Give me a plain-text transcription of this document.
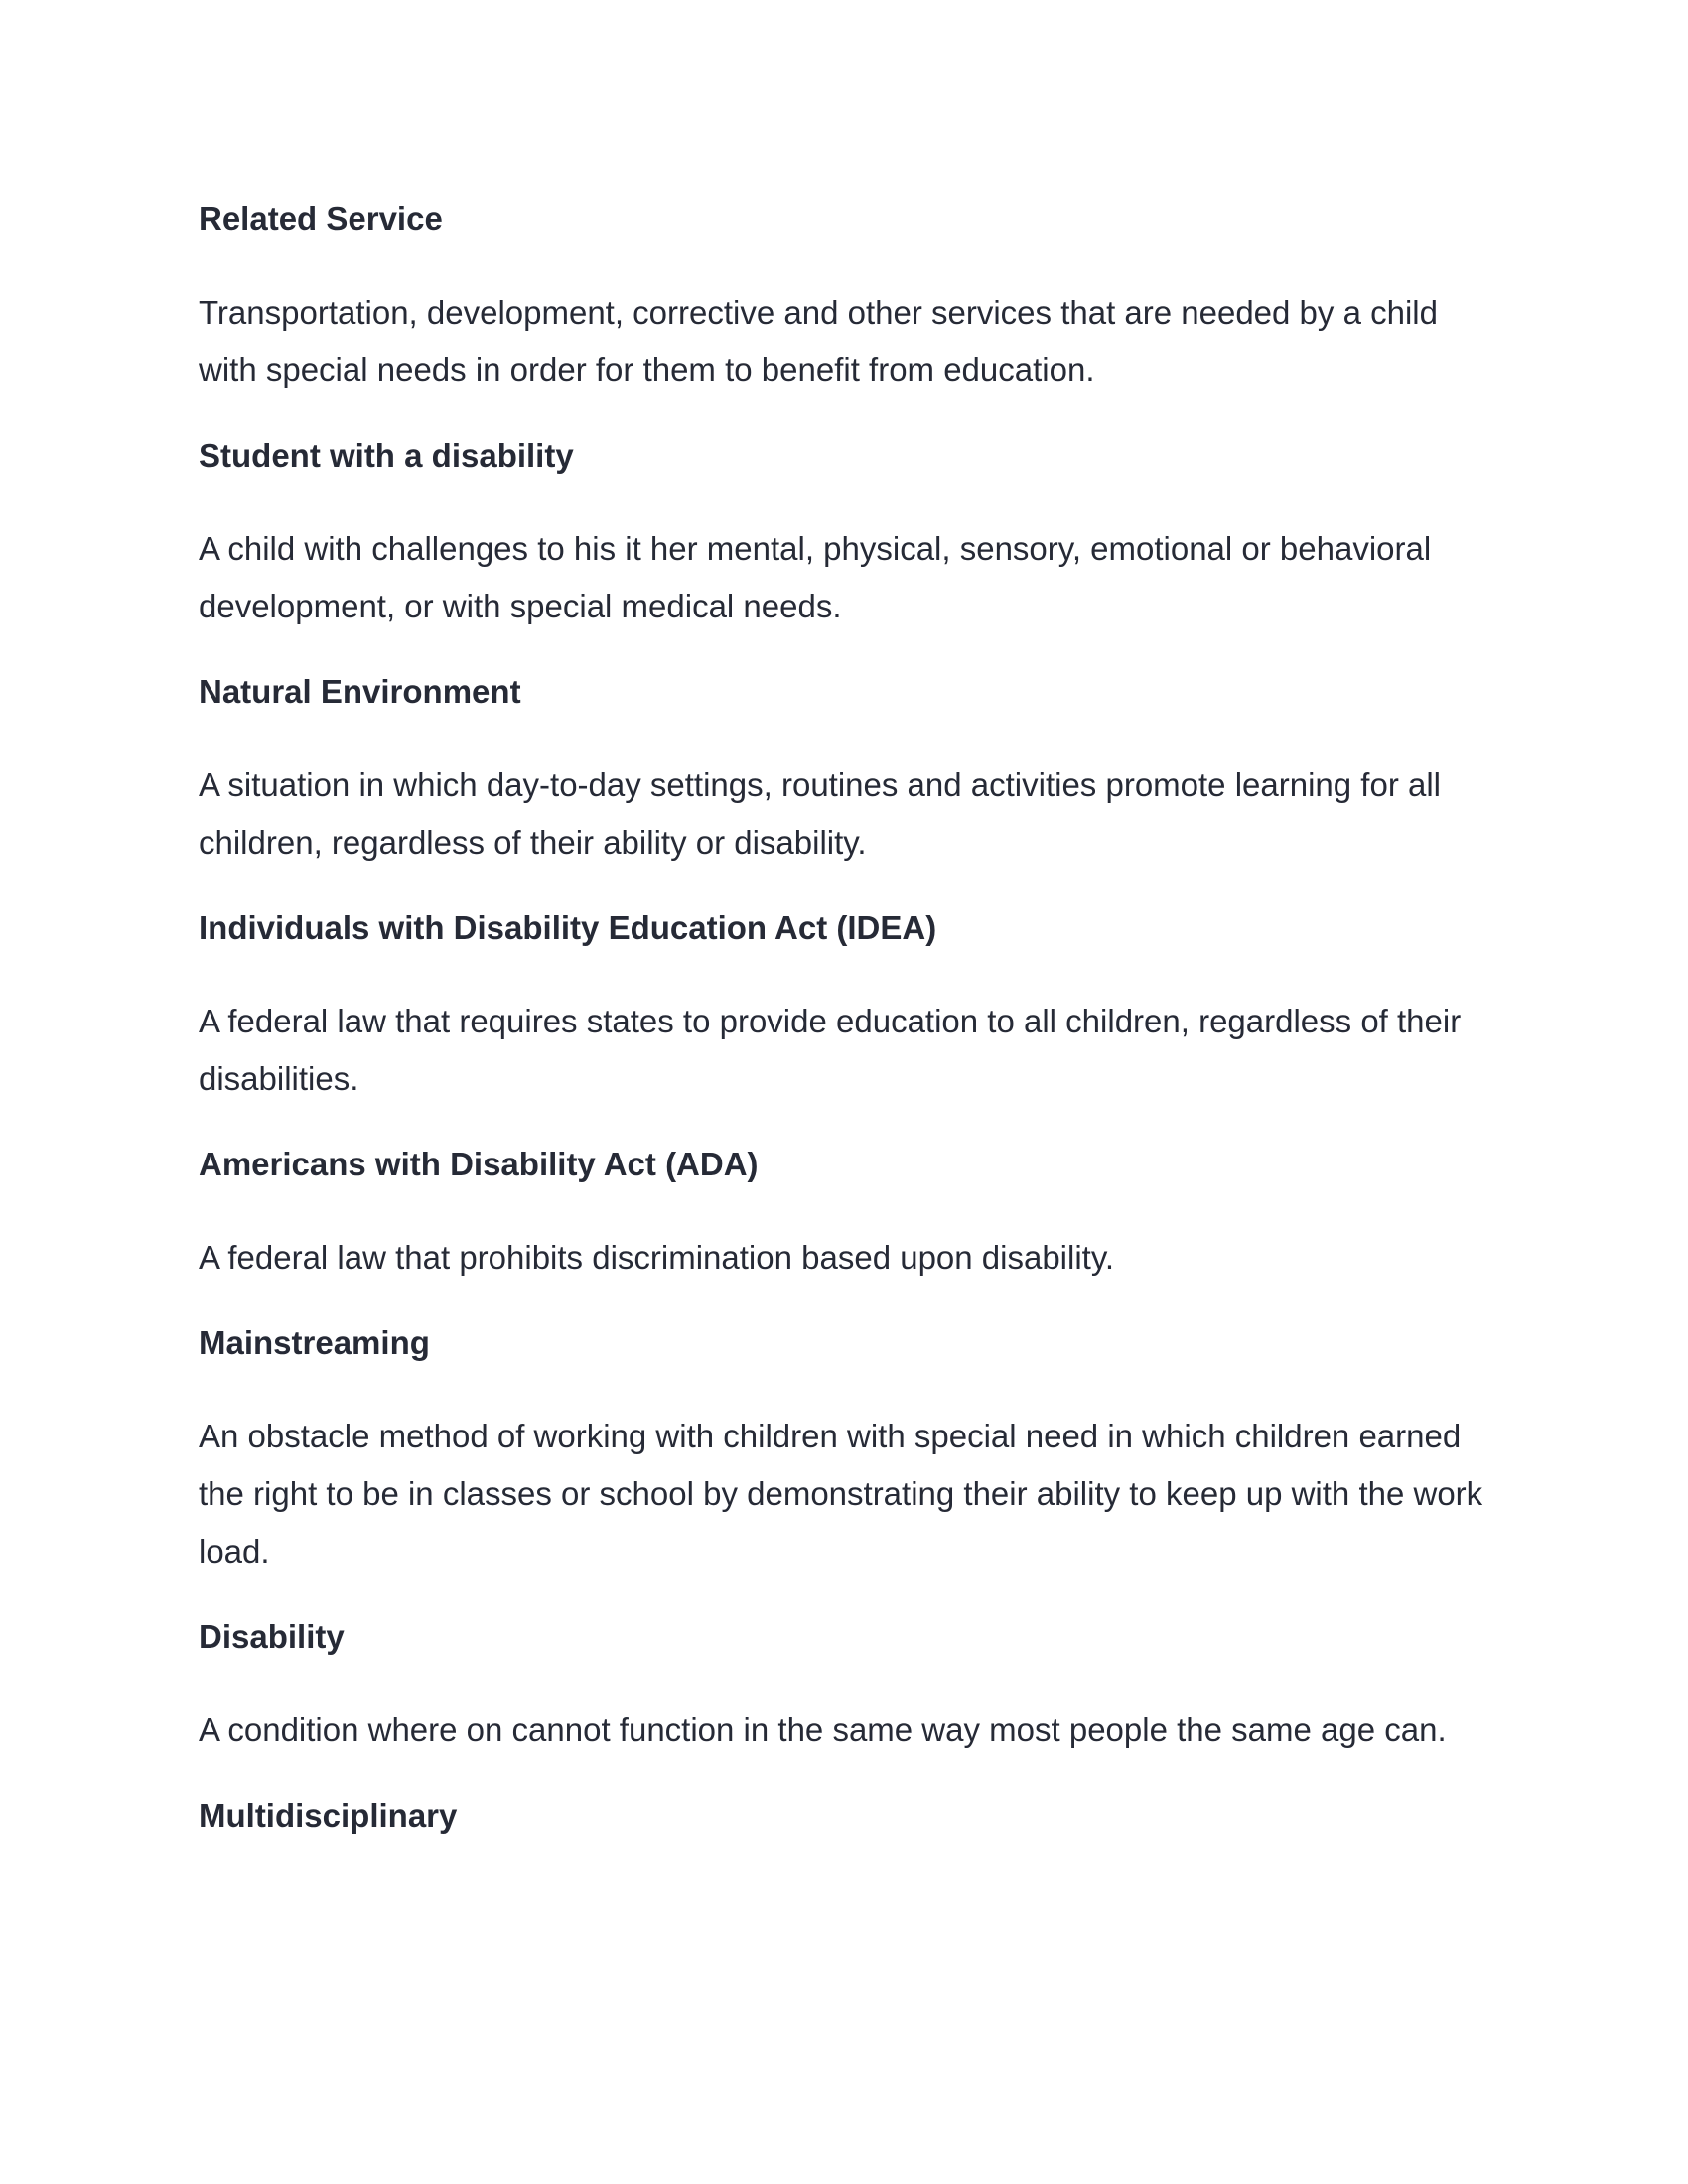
Related Service

Transportation, development, corrective and other services that are needed by a child with special needs in order for them to benefit from education.

Student with a disability

A child with challenges to his it her mental, physical, sensory, emotional or behavioral development, or with special medical needs.

Natural Environment

A situation in which day-to-day settings, routines and activities promote learning for all children, regardless of their ability or disability.

Individuals with Disability Education Act (IDEA)

A federal law that requires states to provide education to all children, regardless of their disabilities.

Americans with Disability Act (ADA)

A federal law that prohibits discrimination based upon disability.

Mainstreaming

An obstacle method of working with children with special need in which children earned the right to be in classes or school by demonstrating their ability to keep up with the work load.

Disability

A condition where on cannot function in the same way most people the same age can.

Multidisciplinary
